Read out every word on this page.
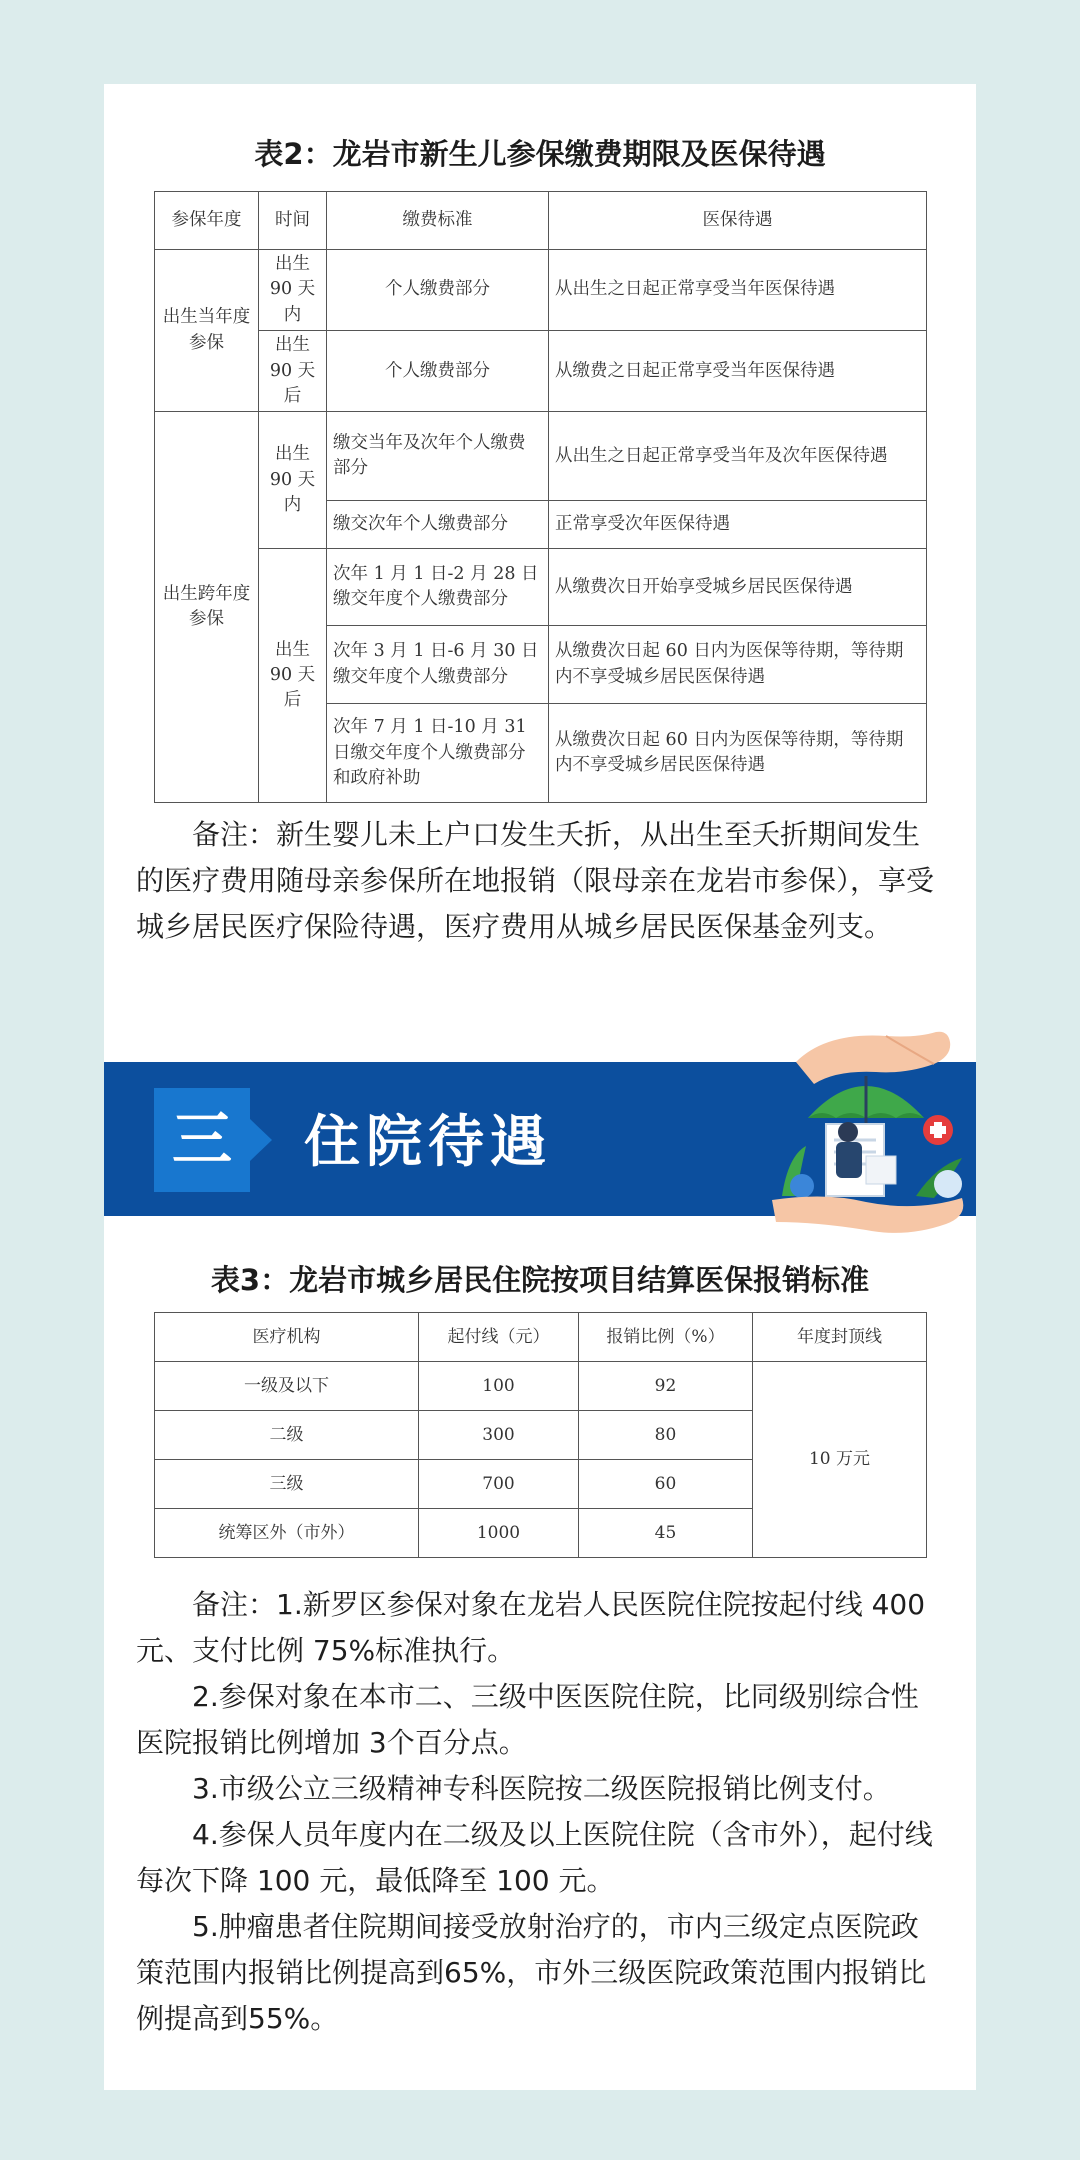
表2：龙岩市新生儿参保缴费期限及医保待遇
参保年度	时间	缴费标准	医保待遇
出生当年度参保	出生 90 天内	个人缴费部分	从出生之日起正常享受当年医保待遇
	出生 90 天后	个人缴费部分	从缴费之日起正常享受当年医保待遇
出生跨年度参保	出生 90 天内	缴交当年及次年个人缴费部分	从出生之日起正常享受当年及次年医保待遇
		缴交次年个人缴费部分	正常享受次年医保待遇
	出生 90 天后	次年 1 月 1 日-2 月 28 日缴交年度个人缴费部分	从缴费次日开始享受城乡居民医保待遇
		次年 3 月 1 日-6 月 30 日缴交年度个人缴费部分	从缴费次日起 60 日内为医保等待期，等待期内不享受城乡居民医保待遇
		次年 7 月 1 日-10 月 31 日缴交年度个人缴费部分和政府补助	从缴费次日起 60 日内为医保等待期，等待期内不享受城乡居民医保待遇

备注：新生婴儿未上户口发生夭折，从出生至夭折期间发生的医疗费用随母亲参保所在地报销（限母亲在龙岩市参保），享受城乡居民医疗保险待遇，医疗费用从城乡居民医保基金列支。

三	住院待遇
表3：龙岩市城乡居民住院按项目结算医保报销标准
医疗机构	起付线（元）	报销比例（%）	年度封顶线
一级及以下	100	92	10 万元
二级	300	80	
三级	700	60	
统筹区外（市外）	1000	45	

备注：1.新罗区参保对象在龙岩人民医院住院按起付线 400 元、支付比例 75%标准执行。

2.参保对象在本市二、三级中医医院住院，比同级别综合性医院报销比例增加 3个百分点。

3.市级公立三级精神专科医院按二级医院报销比例支付。

4.参保人员年度内在二级及以上医院住院（含市外），起付线每次下降 100 元，最低降至 100 元。

5.肿瘤患者住院期间接受放射治疗的，市内三级定点医院政策范围内报销比例提高到65%，市外三级医院政策范围内报销比例提高到55%。
